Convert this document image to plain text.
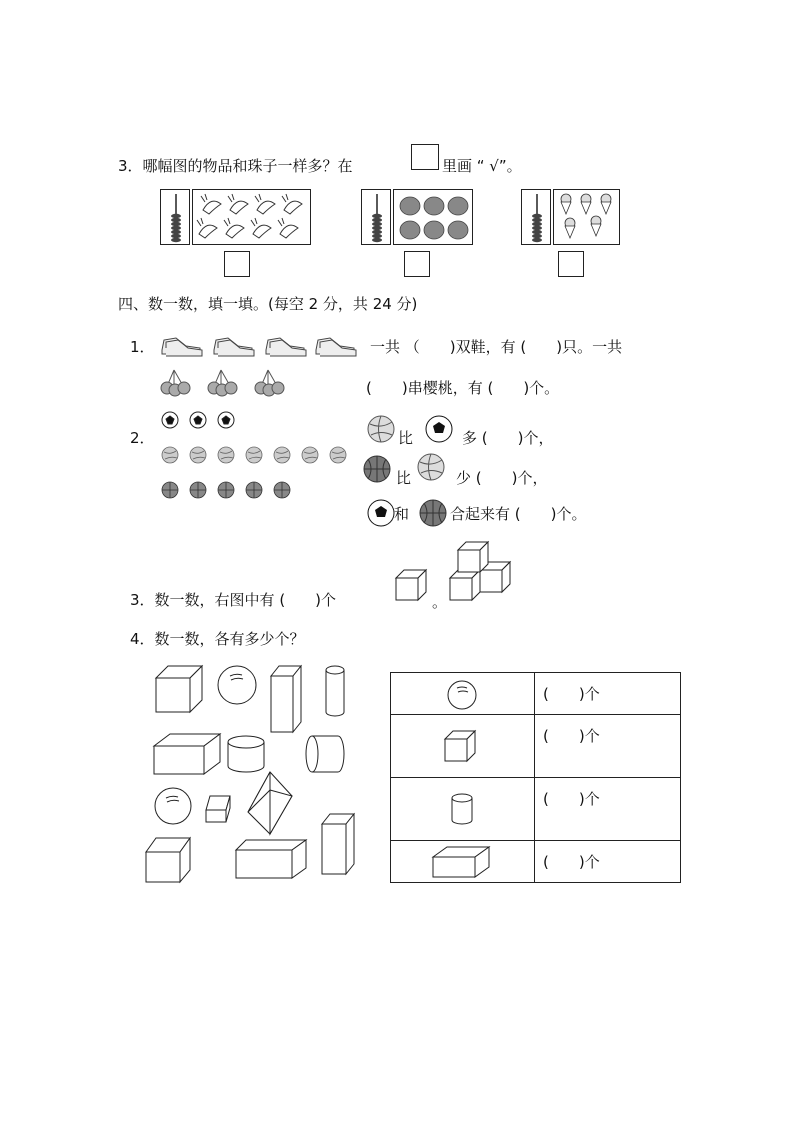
3．哪幅图的物品和珠子一样多？在	里画 “ √”。
四、数一数，填一填。(每空 2 分，共 24 分)
1．	一共 （　　)双鞋，有 (　　)只。一共
(　　)串樱桃，有 (　　)个。
2．	比	多 (　　)个，
比	少 (　　)个，
和	合起来有 (　　)个。
3．数一数，右图中有 (　　)个	。
4．数一数，各有多少个？
	(　　)个

	(　　)个

	(　　)个

	(　　)个
